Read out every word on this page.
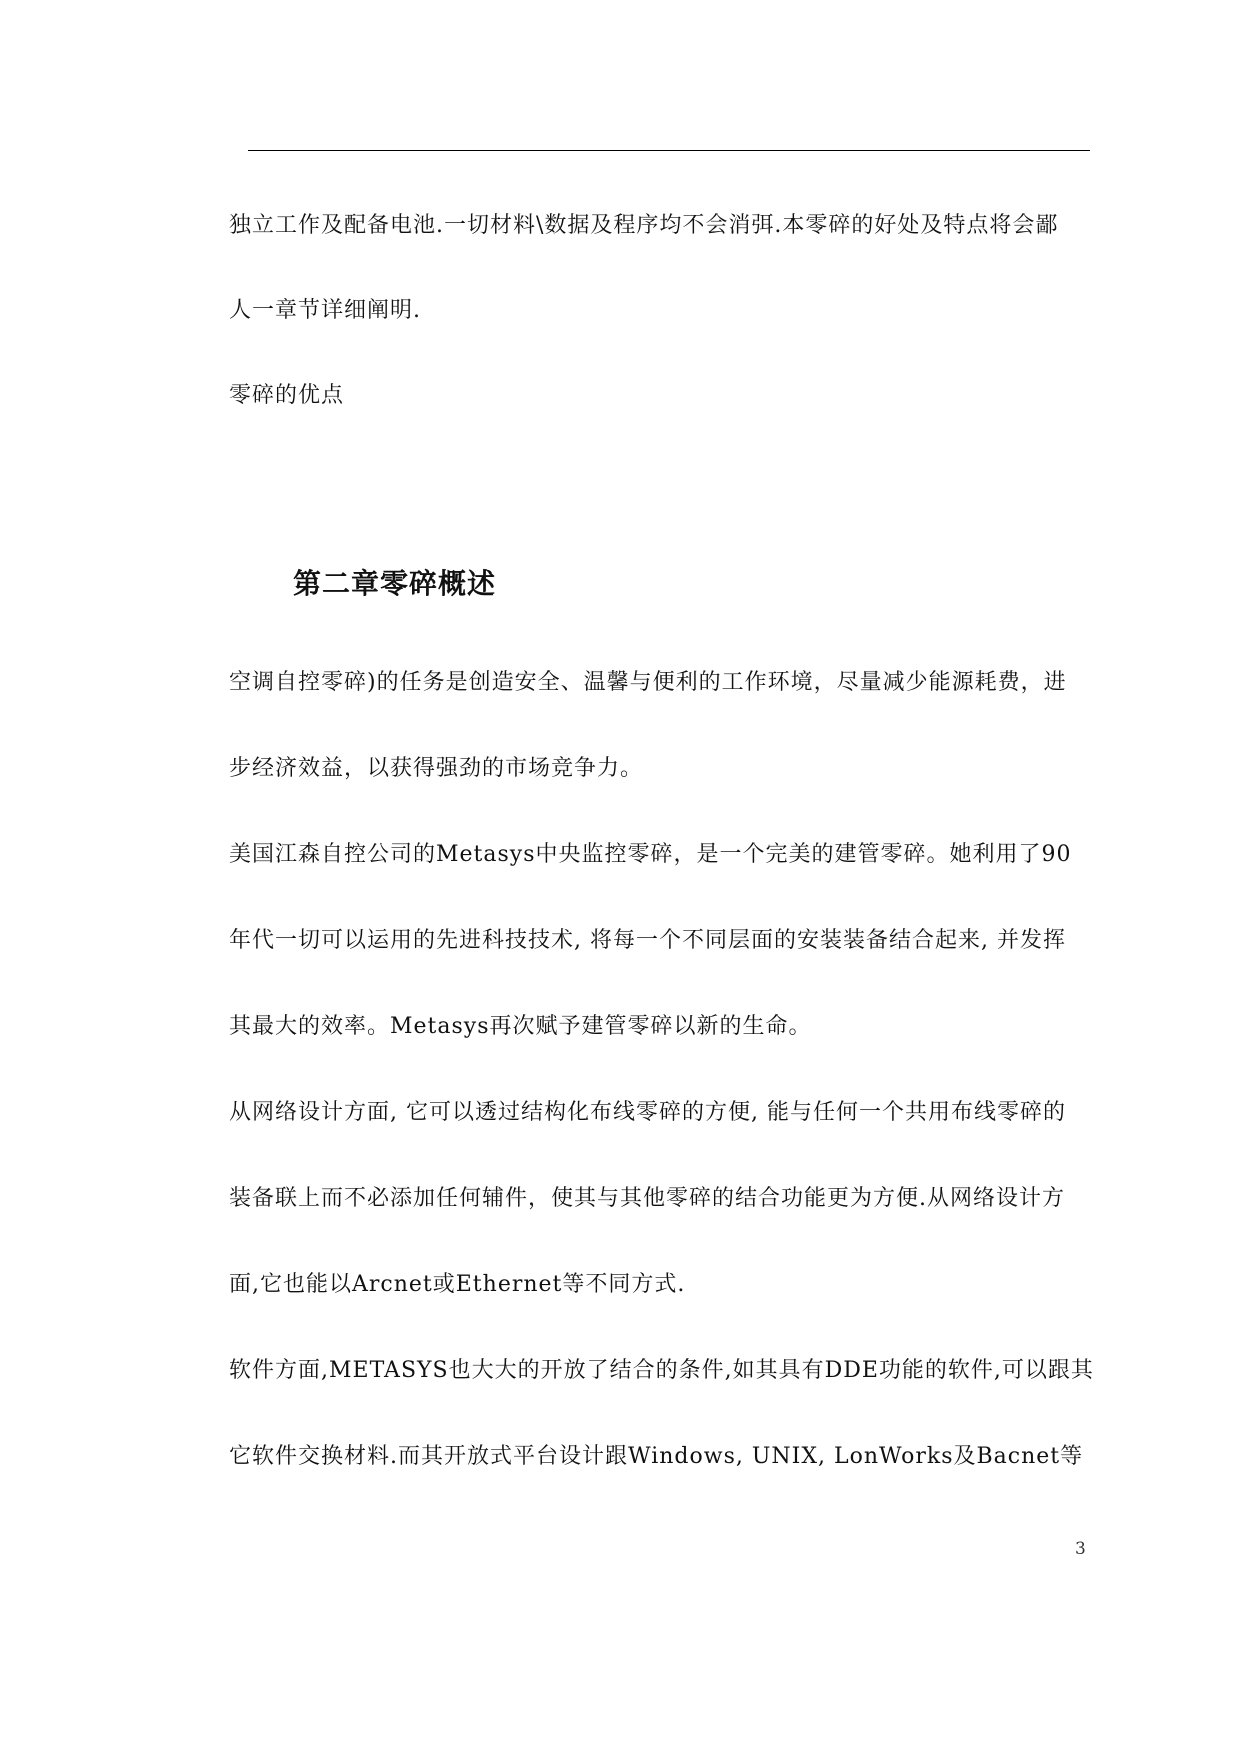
独立工作及配备电池.一切材料\数据及程序均不会消弭.本零碎的好处及特点将会鄙
人一章节详细阐明.
零碎的优点
第二章零碎概述
空调自控零碎)的任务是创造安全、温馨与便利的工作环境，尽量减少能源耗费，进
步经济效益，以获得强劲的市场竞争力。
美国江森自控公司的Metasys中央监控零碎，是一个完美的建管零碎。她利用了90
年代一切可以运用的先进科技技术, 将每一个不同层面的安装装备结合起来, 并发挥
其最大的效率。Metasys再次赋予建管零碎以新的生命。
从网络设计方面, 它可以透过结构化布线零碎的方便, 能与任何一个共用布线零碎的
装备联上而不必添加任何辅件，使其与其他零碎的结合功能更为方便.从网络设计方
面,它也能以Arcnet或Ethernet等不同方式.
软件方面,METASYS也大大的开放了结合的条件,如其具有DDE功能的软件,可以跟其
它软件交换材料.而其开放式平台设计跟Windows, UNIX, LonWorks及Bacnet等
3
